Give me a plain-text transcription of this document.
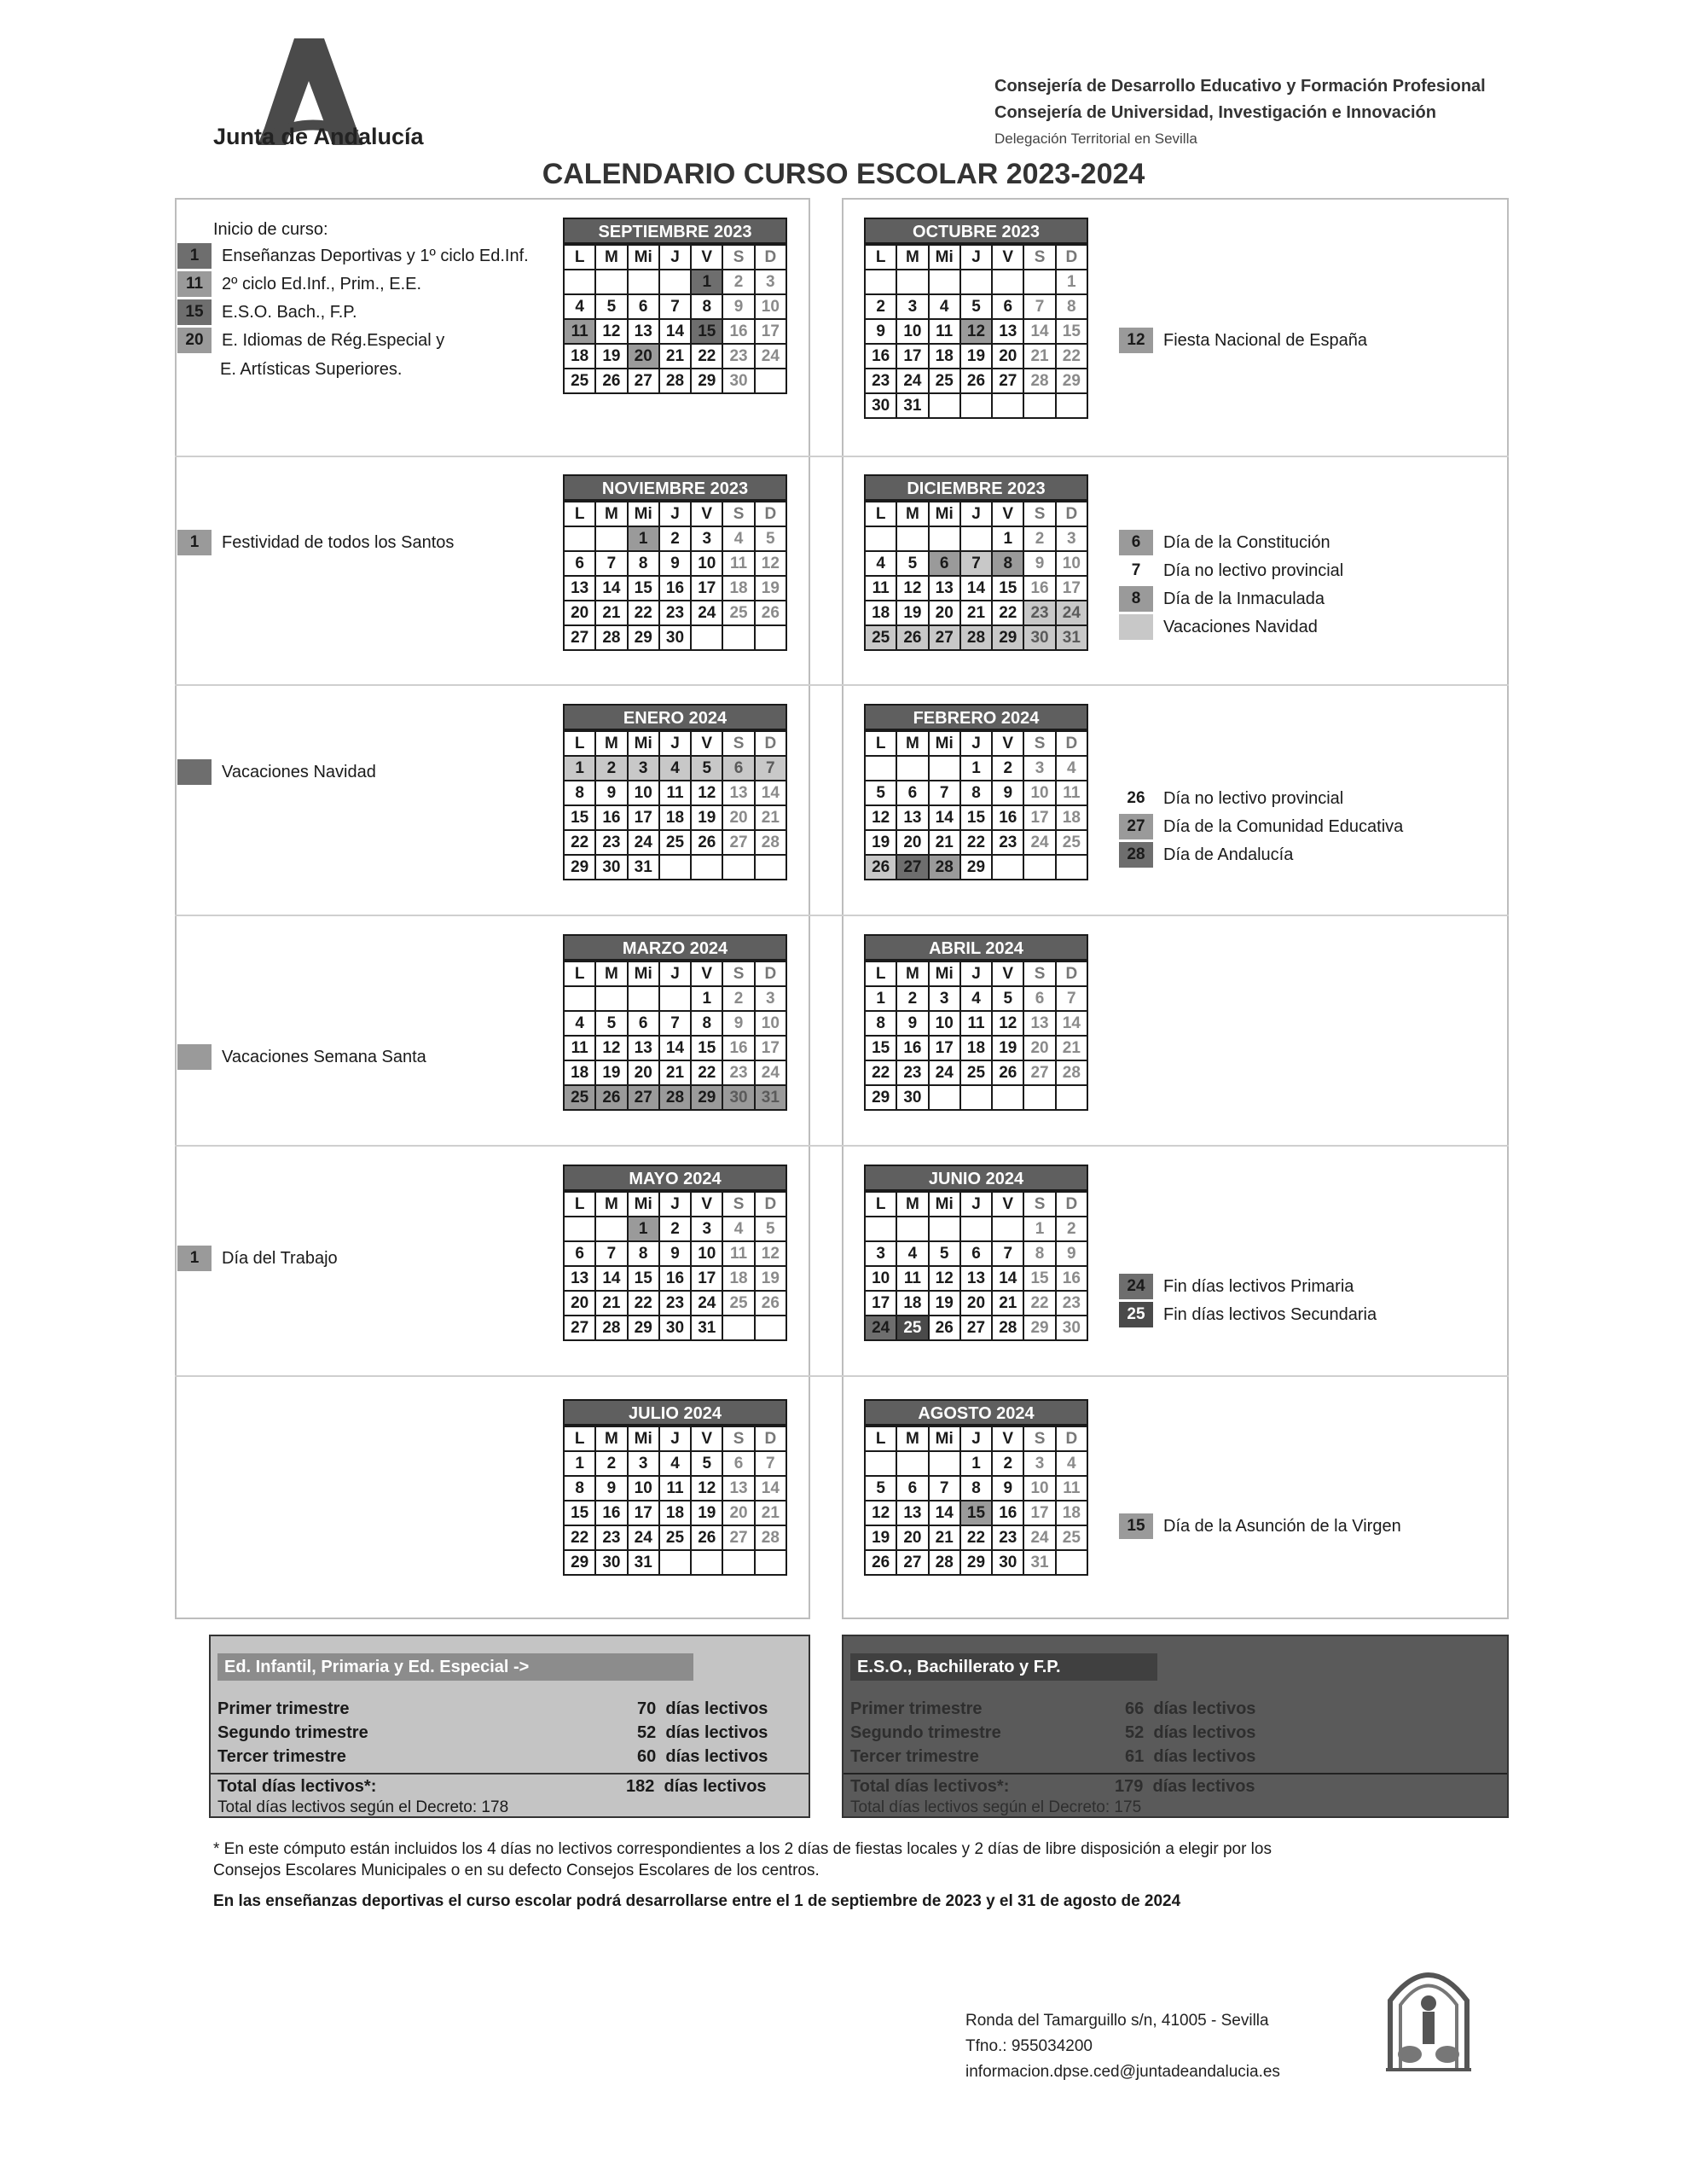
Junta de Andalucía
Consejería de Desarrollo Educativo y Formación Profesional
Consejería de Universidad, Investigación e Innovación
Delegación Territorial en Sevilla
CALENDARIO CURSO ESCOLAR 2023-2024
Inicio de curso:
1	Enseñanzas Deportivas y 1º ciclo Ed.Inf.
11	2º ciclo Ed.Inf., Prim., E.E.
15	E.S.O. Bach., F.P.
20	E. Idiomas de Rég.Especial y
E. Artísticas Superiores.
SEPTIEMBRE 2023
L	M	Mi	J	V	S	D
				1	2	3
4	5	6	7	8	9	10
11	12	13	14	15	16	17
18	19	20	21	22	23	24
25	26	27	28	29	30	
OCTUBRE 2023
L	M	Mi	J	V	S	D
						1
2	3	4	5	6	7	8
9	10	11	12	13	14	15
16	17	18	19	20	21	22
23	24	25	26	27	28	29
30	31					
NOVIEMBRE 2023
L	M	Mi	J	V	S	D
		1	2	3	4	5
6	7	8	9	10	11	12
13	14	15	16	17	18	19
20	21	22	23	24	25	26
27	28	29	30			
DICIEMBRE 2023
L	M	Mi	J	V	S	D
				1	2	3
4	5	6	7	8	9	10
11	12	13	14	15	16	17
18	19	20	21	22	23	24
25	26	27	28	29	30	31
ENERO 2024
L	M	Mi	J	V	S	D
1	2	3	4	5	6	7
8	9	10	11	12	13	14
15	16	17	18	19	20	21
22	23	24	25	26	27	28
29	30	31				
FEBRERO 2024
L	M	Mi	J	V	S	D
			1	2	3	4
5	6	7	8	9	10	11
12	13	14	15	16	17	18
19	20	21	22	23	24	25
26	27	28	29			
MARZO 2024
L	M	Mi	J	V	S	D
				1	2	3
4	5	6	7	8	9	10
11	12	13	14	15	16	17
18	19	20	21	22	23	24
25	26	27	28	29	30	31
ABRIL 2024
L	M	Mi	J	V	S	D
1	2	3	4	5	6	7
8	9	10	11	12	13	14
15	16	17	18	19	20	21
22	23	24	25	26	27	28
29	30					
MAYO 2024
L	M	Mi	J	V	S	D
		1	2	3	4	5
6	7	8	9	10	11	12
13	14	15	16	17	18	19
20	21	22	23	24	25	26
27	28	29	30	31		
JUNIO 2024
L	M	Mi	J	V	S	D
					1	2
3	4	5	6	7	8	9
10	11	12	13	14	15	16
17	18	19	20	21	22	23
24	25	26	27	28	29	30
JULIO 2024
L	M	Mi	J	V	S	D
1	2	3	4	5	6	7
8	9	10	11	12	13	14
15	16	17	18	19	20	21
22	23	24	25	26	27	28
29	30	31				
AGOSTO 2024
L	M	Mi	J	V	S	D
			1	2	3	4
5	6	7	8	9	10	11
12	13	14	15	16	17	18
19	20	21	22	23	24	25
26	27	28	29	30	31	
12	Fiesta Nacional de España
1	Festividad de todos los Santos	6	Día de la Constitución
7	Día no lectivo provincial
8	Día de la Inmaculada
Vacaciones Navidad
Vacaciones Navidad
26	Día no lectivo provincial
27	Día de la Comunidad Educativa
28	Día de Andalucía
Vacaciones Semana Santa
1	Día del Trabajo
24	Fin días lectivos Primaria
25	Fin días lectivos Secundaria
15	Día de la Asunción de la Virgen
Ed. Infantil, Primaria y Ed. Especial ->
Primer trimestre	70 días lectivos
Segundo trimestre	52 días lectivos
Tercer trimestre	60 días lectivos
Total días lectivos*:	182 días lectivos
Total días lectivos según el Decreto: 178
E.S.O., Bachillerato y F.P.
Primer trimestre	66 días lectivos
Segundo trimestre	52 días lectivos
Tercer trimestre	61 días lectivos
Total días lectivos*:	179 días lectivos
Total días lectivos según el Decreto: 175
* En este cómputo están incluidos los 4 días no lectivos correspondientes a los 2 días de fiestas locales y 2 días de libre disposición a elegir por los
Consejos Escolares Municipales o en su defecto Consejos Escolares de los centros.
En las enseñanzas deportivas el curso escolar podrá desarrollarse entre el 1 de septiembre de 2023 y el 31 de agosto de 2024
Ronda del Tamarguillo s/n, 41005 - Sevilla
Tfno.: 955034200
informacion.dpse.ced@juntadeandalucia.es
